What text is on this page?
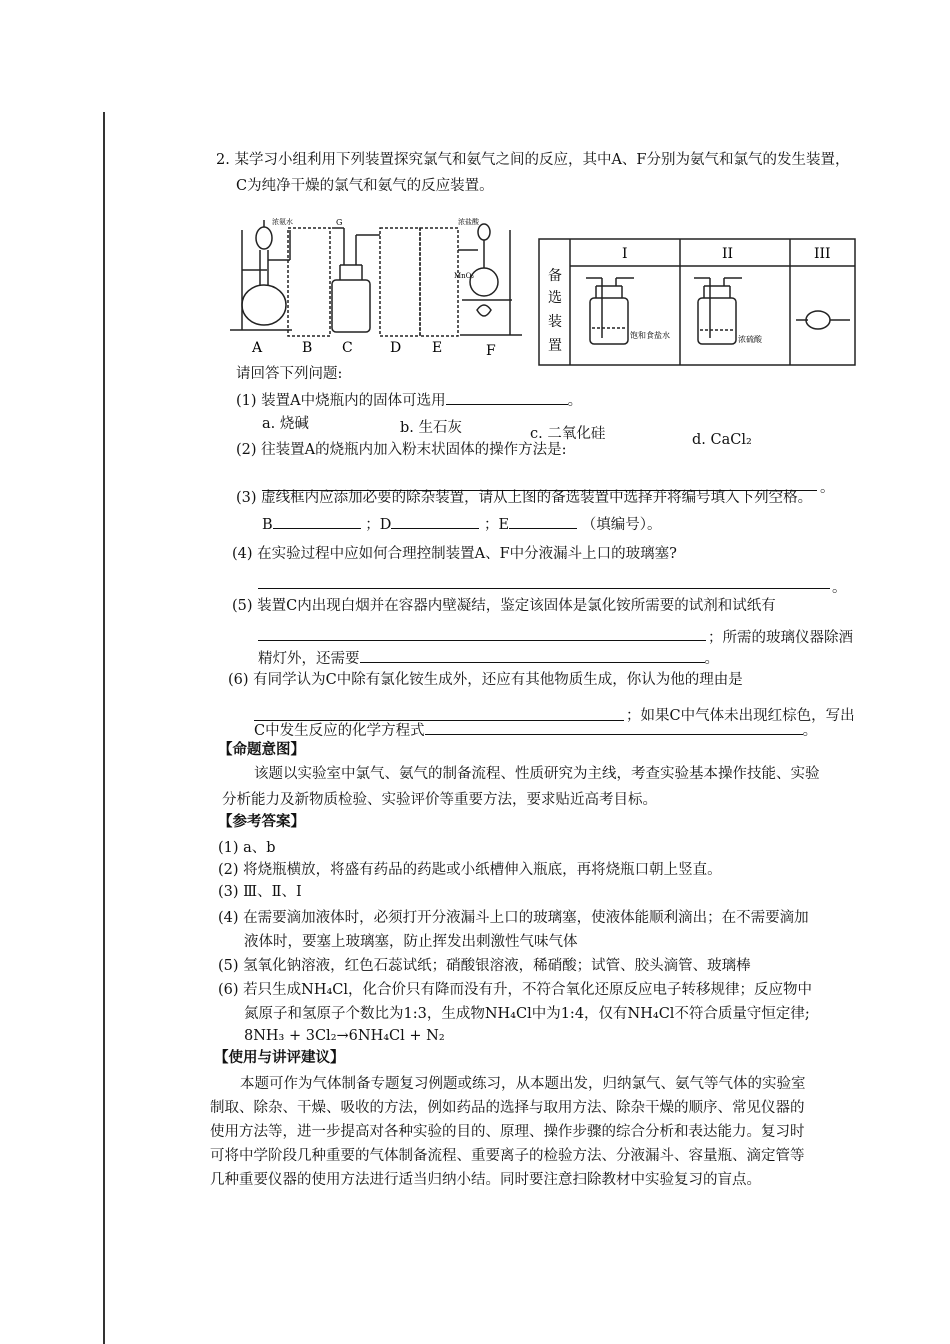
2. 某学习小组利用下列装置探究氯气和氨气之间的反应，其中A、F分别为氨气和氯气的发生装置，
C为纯净干燥的氯气和氨气的反应装置。
浓氨水	浓盐酸
MnO₂
G
A	B C	D E	F
备
选
装
置
I	II	III
饱和食盐水	浓硫酸
请回答下列问题:
(1) 装置A中烧瓶内的固体可选用	。
a. 烧碱	b. 生石灰	c. 二氧化硅	d. CaCl₂
(2) 往装置A的烧瓶内加入粉末状固体的操作方法是:
。
(3) 虚线框内应添加必要的除杂装置，请从上图的备选装置中选择并将编号填入下列空格。
B	；D	；E	（填编号）。
(4) 在实验过程中应如何合理控制装置A、F中分液漏斗上口的玻璃塞?
。
(5) 装置C内出现白烟并在容器内壁凝结，鉴定该固体是氯化铵所需要的试剂和试纸有
；所需的玻璃仪器除酒
精灯外，还需要	。
(6) 有同学认为C中除有氯化铵生成外，还应有其他物质生成，你认为他的理由是
；如果C中气体未出现红棕色，写出
C中发生反应的化学方程式	。
【命题意图】
该题以实验室中氯气、氨气的制备流程、性质研究为主线，考查实验基本操作技能、实验
分析能力及新物质检验、实验评价等重要方法，要求贴近高考目标。
【参考答案】
(1) a、b
(2) 将烧瓶横放，将盛有药品的药匙或小纸槽伸入瓶底，再将烧瓶口朝上竖直。
(3) Ⅲ、Ⅱ、Ⅰ
(4) 在需要滴加液体时，必须打开分液漏斗上口的玻璃塞，使液体能顺利滴出；在不需要滴加
液体时，要塞上玻璃塞，防止挥发出刺激性气味气体
(5) 氢氧化钠溶液，红色石蕊试纸；硝酸银溶液，稀硝酸；试管、胶头滴管、玻璃棒
(6) 若只生成NH₄Cl，化合价只有降而没有升，不符合氧化还原反应电子转移规律；反应物中
氮原子和氢原子个数比为1:3，生成物NH₄Cl中为1:4，仅有NH₄Cl不符合质量守恒定律;
8NH₃ + 3Cl₂→6NH₄Cl + N₂
【使用与讲评建议】
本题可作为气体制备专题复习例题或练习，从本题出发，归纳氯气、氨气等气体的实验室
制取、除杂、干燥、吸收的方法，例如药品的选择与取用方法、除杂干燥的顺序、常见仪器的
使用方法等，进一步提高对各种实验的目的、原理、操作步骤的综合分析和表达能力。复习时
可将中学阶段几种重要的气体制备流程、重要离子的检验方法、分液漏斗、容量瓶、滴定管等
几种重要仪器的使用方法进行适当归纳小结。同时要注意扫除教材中实验复习的盲点。
